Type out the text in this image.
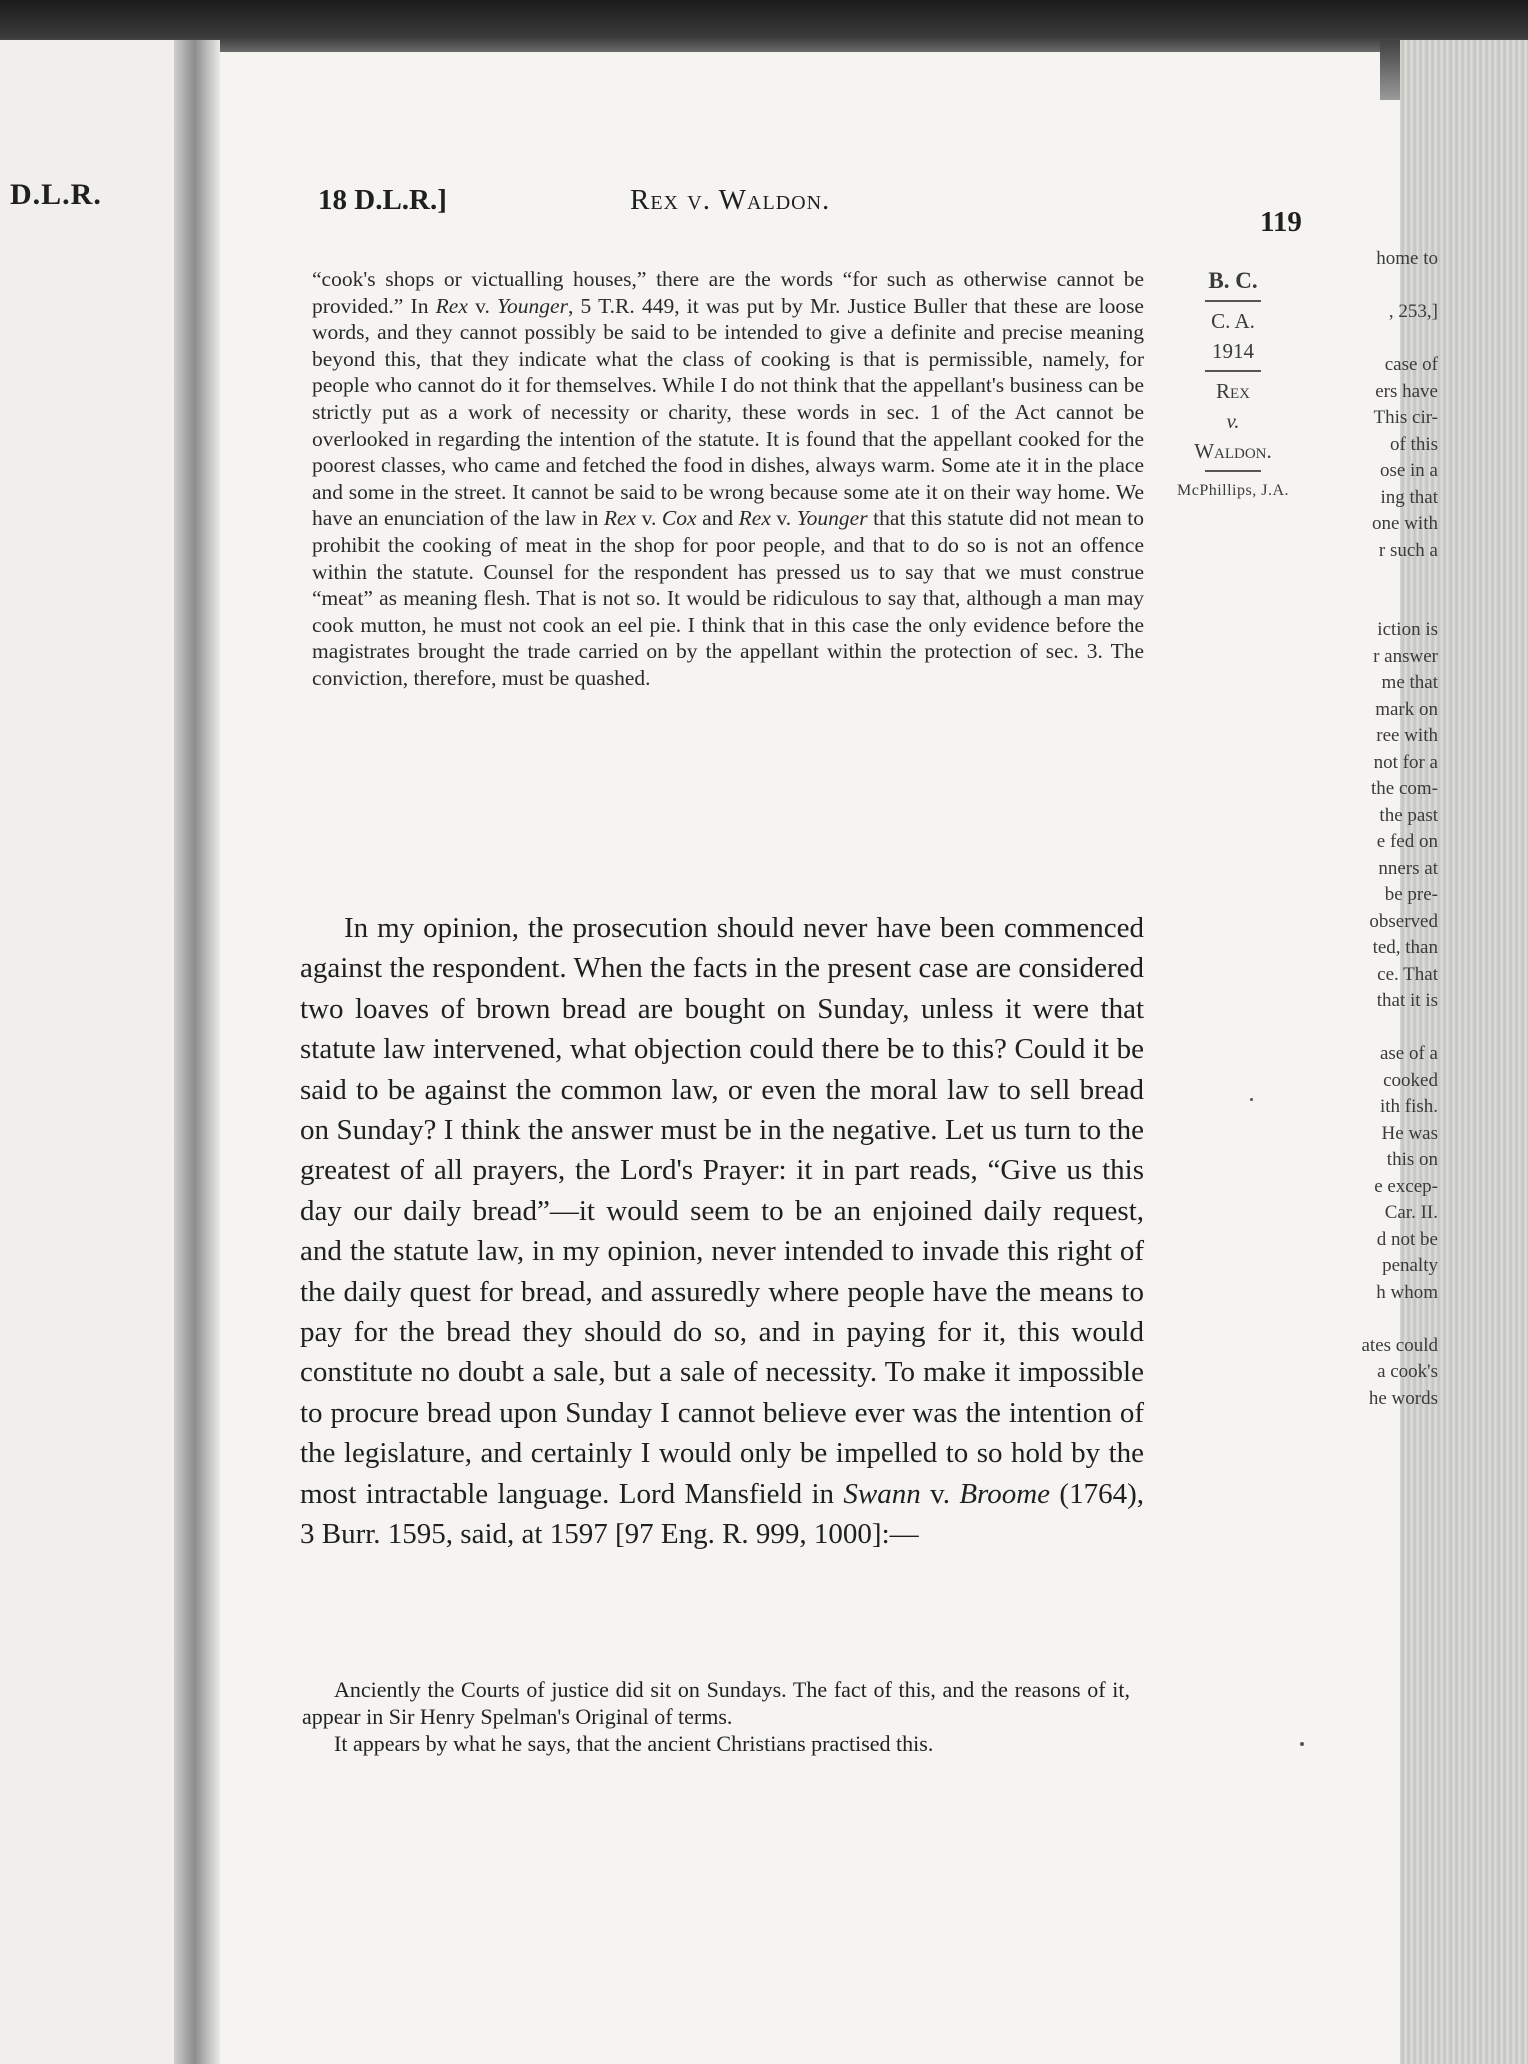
D.L.R.
home to
, 253,]
case of
ers have
This cir-
of this
ose in a
ing that
one with
r such a
iction is
r answer
me that
mark on
ree with
not for a
the com-
the past
e fed on
nners at
be pre-
observed
ted, than
ce. That
that it is
ase of a
cooked
ith fish.
He was
this on
e excep-
Car. II.
d not be
penalty
h whom
ates could
a cook's
he words
18 D.L.R.]	Rex v. Waldon.
119

“cook's shops or victualling houses,” there are the words “for such as otherwise cannot be provided.” In Rex v. Younger, 5 T.R. 449, it was put by Mr. Justice Buller that these are loose words, and they cannot possibly be said to be intended to give a definite and precise meaning beyond this, that they indicate what the class of cooking is that is permissible, namely, for people who cannot do it for themselves. While I do not think that the appellant's business can be strictly put as a work of necessity or charity, these words in sec. 1 of the Act cannot be overlooked in regarding the intention of the statute. It is found that the appellant cooked for the poorest classes, who came and fetched the food in dishes, always warm. Some ate it in the place and some in the street. It cannot be said to be wrong because some ate it on their way home. We have an enunciation of the law in Rex v. Cox and Rex v. Younger that this statute did not mean to prohibit the cooking of meat in the shop for poor people, and that to do so is not an offence within the statute. Counsel for the respondent has pressed us to say that we must construe “meat” as meaning flesh. That is not so. It would be ridiculous to say that, although a man may cook mutton, he must not cook an eel pie. I think that in this case the only evidence before the magistrates brought the trade carried on by the appellant within the protection of sec. 3. The conviction, therefore, must be quashed.

B. C.
C. A.
1914
Rex
v.
Waldon.
McPhillips, J.A.

In my opinion, the prosecution should never have been commenced against the respondent. When the facts in the present case are considered two loaves of brown bread are bought on Sunday, unless it were that statute law intervened, what objection could there be to this? Could it be said to be against the common law, or even the moral law to sell bread on Sunday? I think the answer must be in the negative. Let us turn to the greatest of all prayers, the Lord's Prayer: it in part reads, “Give us this day our daily bread”—it would seem to be an enjoined daily request, and the statute law, in my opinion, never intended to invade this right of the daily quest for bread, and assuredly where people have the means to pay for the bread they should do so, and in paying for it, this would constitute no doubt a sale, but a sale of necessity. To make it impossible to procure bread upon Sunday I cannot believe ever was the intention of the legislature, and certainly I would only be impelled to so hold by the most intractable language. Lord Mansfield in Swann v. Broome (1764), 3 Burr. 1595, said, at 1597 [97 Eng. R. 999, 1000]:—

Anciently the Courts of justice did sit on Sundays. The fact of this, and the reasons of it, appear in Sir Henry Spelman's Original of terms.

It appears by what he says, that the ancient Christians practised this.
